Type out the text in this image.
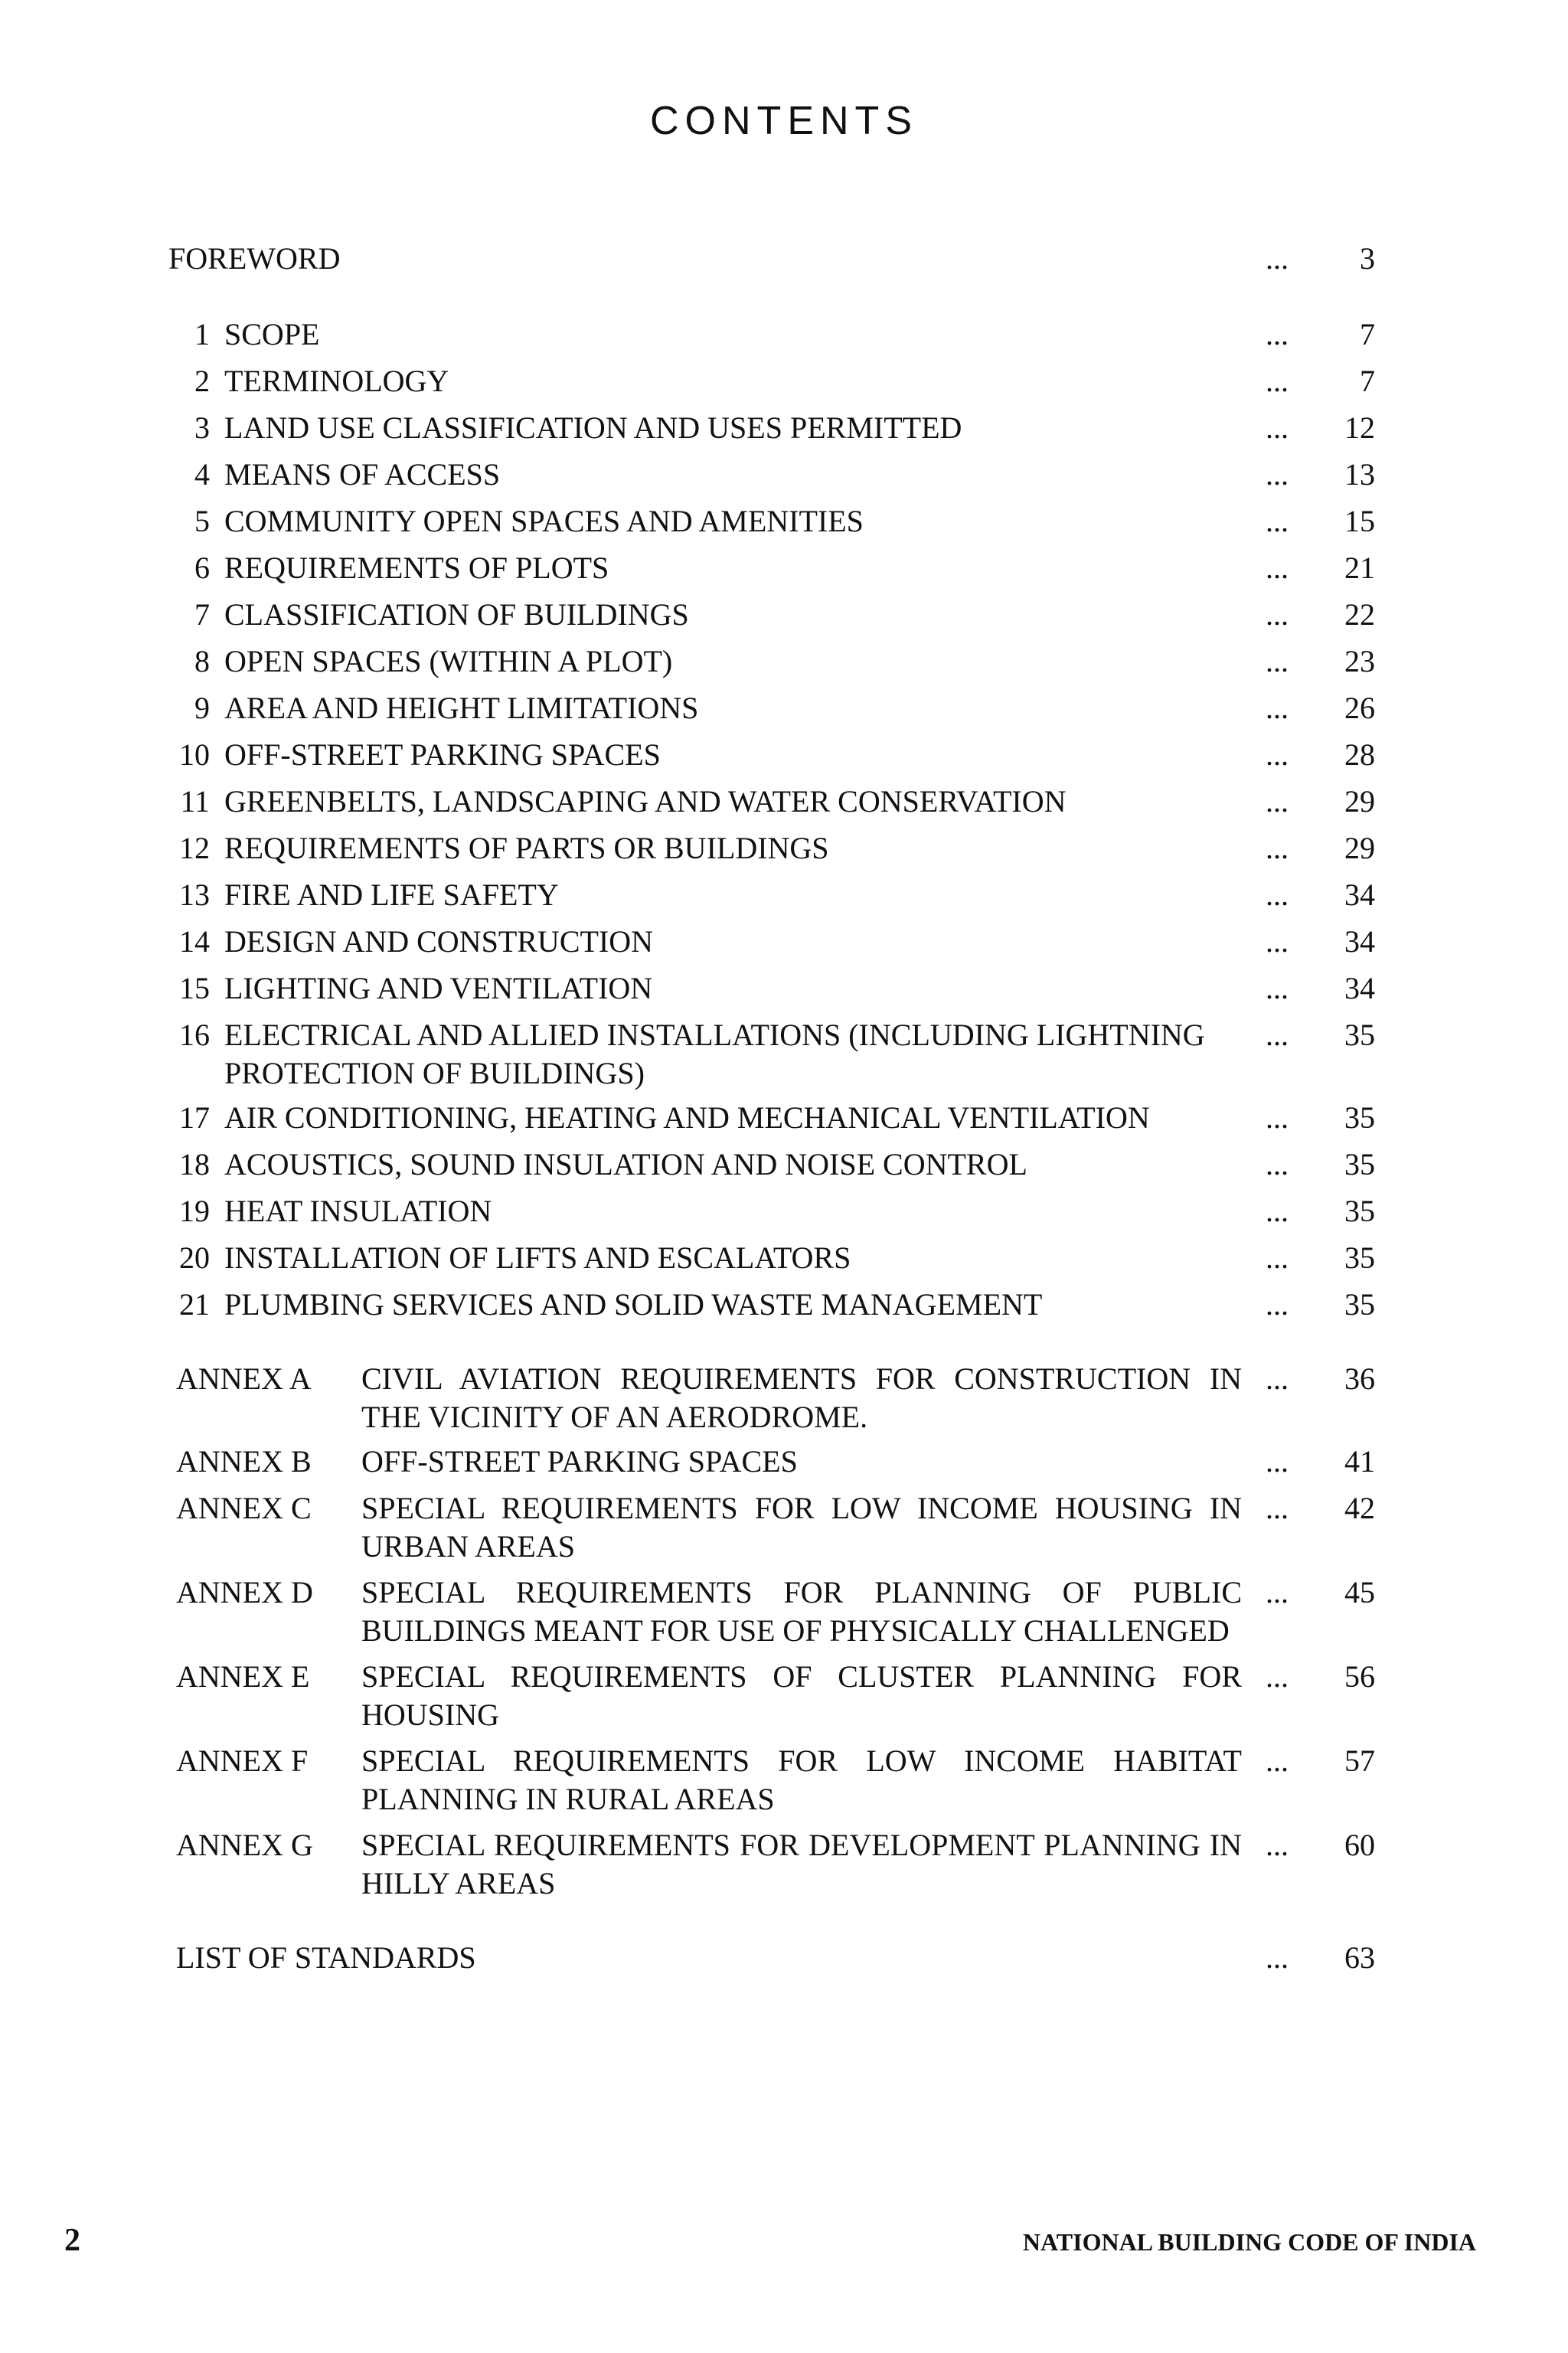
CONTENTS
FOREWORD	...	3
1 SCOPE	...	7
2 TERMINOLOGY	...	7
3 LAND USE CLASSIFICATION AND USES PERMITTED	...	12
4 MEANS OF ACCESS	...	13
5 COMMUNITY OPEN SPACES AND AMENITIES	...	15
6 REQUIREMENTS OF PLOTS	...	21
7 CLASSIFICATION OF BUILDINGS	...	22
8 OPEN SPACES (WITHIN A PLOT)	...	23
9 AREA AND HEIGHT LIMITATIONS	...	26
10 OFF-STREET PARKING SPACES	...	28
11 GREENBELTS, LANDSCAPING AND WATER CONSERVATION	...	29
12 REQUIREMENTS OF PARTS OR BUILDINGS	...	29
13 FIRE AND LIFE SAFETY	...	34
14 DESIGN AND CONSTRUCTION	...	34
15 LIGHTING AND VENTILATION	...	34
16 ELECTRICAL AND ALLIED INSTALLATIONS (INCLUDING LIGHTNING PROTECTION OF BUILDINGS)
...	35
17 AIR CONDITIONING, HEATING AND MECHANICAL VENTILATION	...	35
18 ACOUSTICS, SOUND INSULATION AND NOISE CONTROL	...	35
19 HEAT INSULATION	...	35
20 INSTALLATION OF LIFTS AND ESCALATORS	...	35
21 PLUMBING SERVICES AND SOLID WASTE MANAGEMENT	...	35
ANNEX A CIVIL AVIATION REQUIREMENTS FOR CONSTRUCTION IN THE VICINITY OF AN AERODROME.
...	36
ANNEX B OFF-STREET PARKING SPACES	...	41
ANNEX C SPECIAL REQUIREMENTS FOR LOW INCOME HOUSING IN URBAN AREAS
...	42
ANNEX D SPECIAL REQUIREMENTS FOR PLANNING OF PUBLIC BUILDINGS MEANT FOR USE OF PHYSICALLY CHALLENGED
...	45
ANNEX E SPECIAL REQUIREMENTS OF CLUSTER PLANNING FOR HOUSING
...	56
ANNEX F SPECIAL REQUIREMENTS FOR LOW INCOME HABITAT PLANNING IN RURAL AREAS
...	57
ANNEX G SPECIAL REQUIREMENTS FOR DEVELOPMENT PLANNING IN HILLY AREAS
...	60
LIST OF STANDARDS	...	63
2	NATIONAL BUILDING CODE OF INDIA
